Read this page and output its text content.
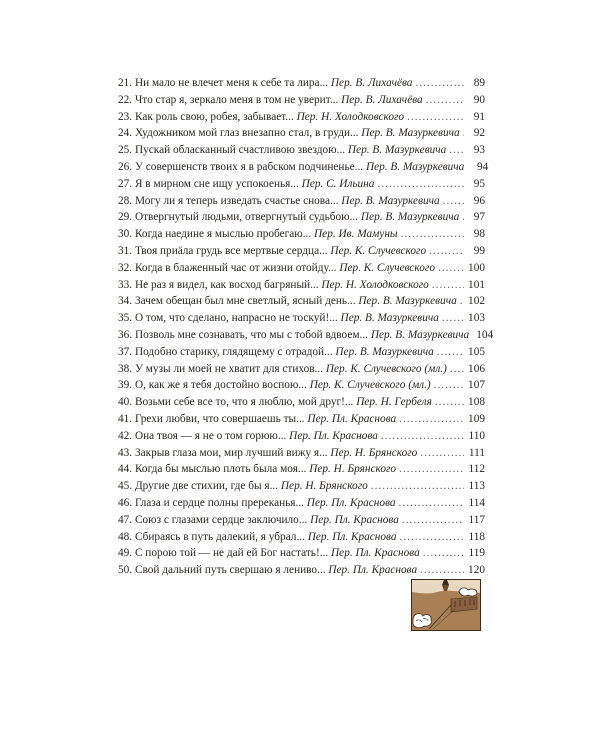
21. Ни мало не влечет меня к себе та лира... Пер. В. Лихачёва .....	89
22. Что стар я, зеркало меня в том не уверит... Пер. В. Лихачёва .....	90
23. Как роль свою, робея, забывает... Пер. Н. Холодковского .....	91
24. Художником мой глаз внезапно стал, в груди... Пер. В. Мазуркевича .....	92
25. Пускай обласканный счастливою звездою... Пер. В. Мазуркевича .....	93
26. У совершенств твоих я в рабском подчиненье... Пер. В. Мазуркевича	94
27. Я в мирном сне ищу успокоенья... Пер. С. Ильина .....	95
28. Могу ли я теперь изведать счастье снова... Пер. В. Мазуркевича .....	96
29. Отвергнутый людьми, отвергнутый судьбою... Пер. В. Мазуркевича .....	97
30. Когда наедине я мыслью пробегаю... Пер. Ив. Мамуны .....	98
31. Твоя приäла грудь все мертвые сердца... Пер. К. Случевского .....	99
32. Когда в блаженный час от жизни отойду... Пер. К. Случевского .....	100
33. Не раз я видел, как восход багряный... Пер. Н. Холодковского .....	101
34. Зачем обещан был мне светлый, ясный день... Пер. В. Мазуркевича ..... 102
35. О том, что сделано, напрасно не тоскуй!... Пер. В. Мазуркевича .....	103
36. Позволь мне сознавать, что мы с тобой вдвоем... Пер. В. Мазуркевича 104
37. Подобно старику, глядящему с отрадой... Пер. В. Мазуркевича .....	105
38. У музы ли моей не хватит для стихов... Пер. К. Случевского (мл.) ..... 106
39. О, как же я тебя достойно воспою... Пер. К. Случевского (мл.) .....	107
40. Возьми себе все то, что я люблю, мой друг!... Пер. Н. Гербеля .....	108
41. Грехи любви, что совершаешь ты... Пер. Пл. Краснова .....	109
42. Она твоя — я не о том горюю... Пер. Пл. Краснова .....	110
43. Закрыв глаза мои, мир лучший вижу я... Пер. Н. Брянского .....	111
44. Когда бы мыслью плоть была моя... Пер. Н. Брянского .....	112
45. Другие две стихии, где бы я... Пер. Н. Брянского .....	113
46. Глаза и сердце полны пререканья... Пер. Пл. Краснова .....	114
47. Союз с глазами сердце заключило... Пер. Пл. Краснова .....	117
48. Сбираясь в путь далекий, я убрал... Пер. Пл. Краснова .....	118
49. С порою той — не дай ей Бог настать!... Пер. Пл. Краснова .....	119
50. Свой дальний путь свершаю я лениво... Пер. Пл. Краснова .....	120
